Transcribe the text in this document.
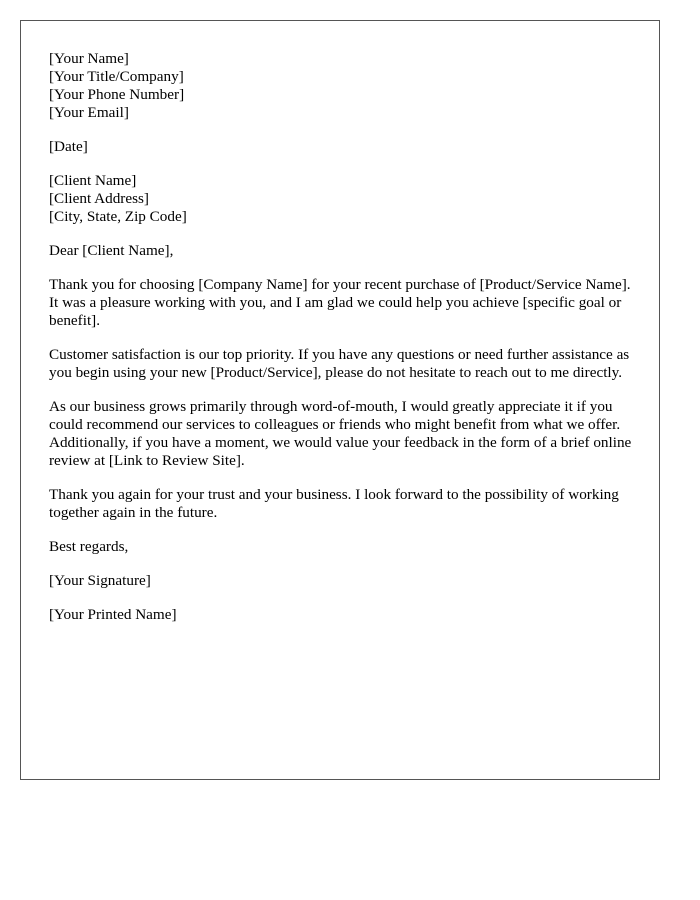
[Your Name]
[Your Title/Company]
[Your Phone Number]
[Your Email]
[Date]
[Client Name]
[Client Address]
[City, State, Zip Code]

Dear [Client Name],

Thank you for choosing [Company Name] for your recent purchase of [Product/Service Name]. It was a pleasure working with you, and I am glad we could help you achieve [specific goal or benefit].

Customer satisfaction is our top priority. If you have any questions or need further assistance as you begin using your new [Product/Service], please do not hesitate to reach out to me directly.

As our business grows primarily through word-of-mouth, I would greatly appreciate it if you could recommend our services to colleagues or friends who might benefit from what we offer. Additionally, if you have a moment, we would value your feedback in the form of a brief online review at [Link to Review Site].

Thank you again for your trust and your business. I look forward to the possibility of working together again in the future.

Best regards,

[Your Signature]

[Your Printed Name]
